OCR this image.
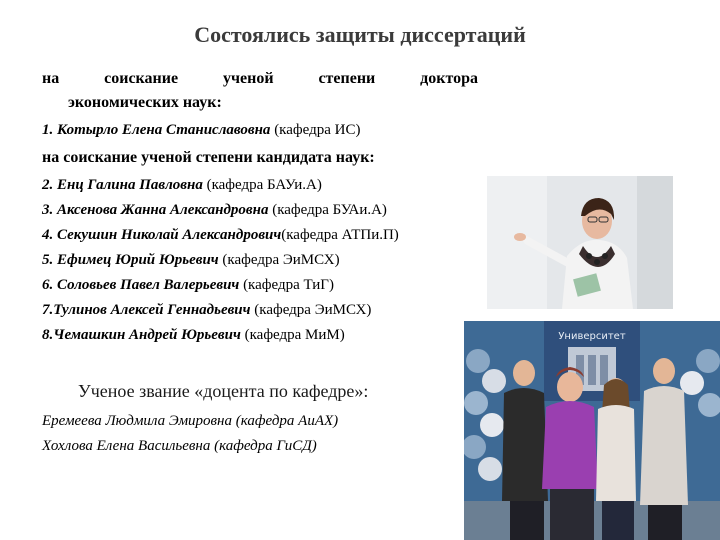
Состоялись защиты диссертаций
на	соискание	ученой	степени	доктора
экономических наук:
1. Котырло Елена Станиславовна (кафедра ИС)
на соискание ученой степени кандидата наук:
2. Енц Галина Павловна (кафедра БАУи.А)
3. Аксенова Жанна Александровна (кафедра БУАи.А)
4. Секушин Николай Александрович(кафедра АТПи.П)
5. Ефимец Юрий Юрьевич (кафедра ЭиМСХ)
6. Соловьев Павел Валерьевич (кафедра ТиГ)
7.Тулинов Алексей Геннадьевич (кафедра ЭиМСХ)
8.Чемашкин Андрей Юрьевич (кафедра МиМ)
Ученое звание «доцента по кафедре»:
Еремеева Людмила Эмировна (кафедра АиАХ)
Хохлова Елена Васильевна (кафедра ГиСД)
Университет
